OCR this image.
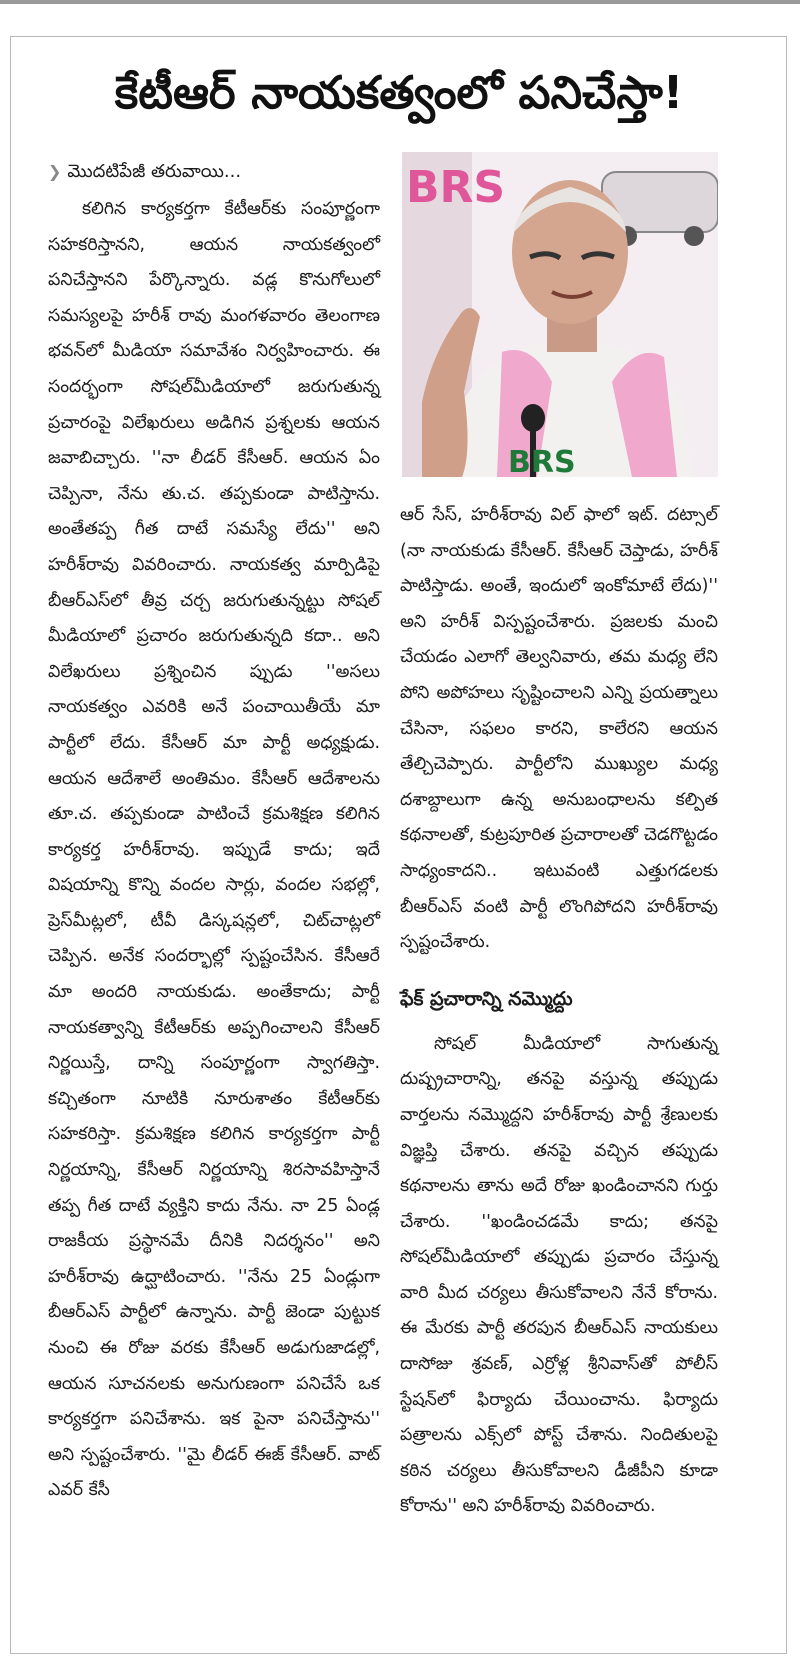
కేటీఆర్ నాయకత్వంలో పనిచేస్తా!
❯ మొదటిపేజీ తరువాయి...

కలిగిన కార్యకర్తగా కేటీఆర్‌కు సంపూర్ణంగా సహకరిస్తానని, ఆయన నాయకత్వంలో పనిచేస్తానని పేర్కొన్నారు. వడ్ల కొనుగోలులో సమస్యలపై హరీశ్ రావు మంగళవారం తెలంగాణ భవన్‌లో మీడియా సమావేశం నిర్వహించారు. ఈ సందర్భంగా సోషల్‌మీడియాలో జరుగుతున్న ప్రచారంపై విలేఖరులు అడిగిన ప్రశ్నలకు ఆయన జవాబిచ్చారు. ''నా లీడర్ కేసీఆర్. ఆయన ఏం చెప్పినా, నేను తు.చ. తప్పకుండా పాటిస్తాను. అంతేతప్ప గీత దాటే సమస్యే లేదు'' అని హరీశ్‌రావు వివరించారు. నాయకత్వ మార్పిడిపై బీఆర్ఎస్‌లో తీవ్ర చర్చ జరుగుతున్నట్టు సోషల్ మీడియాలో ప్రచారం జరుగుతున్నది కదా.. అని విలేఖరులు ప్రశ్నించిన ప్పుడు ''అసలు నాయకత్వం ఎవరికి అనే పంచాయితీయే మా పార్టీలో లేదు. కేసీఆర్ మా పార్టీ అధ్యక్షుడు. ఆయన ఆదేశాలే అంతిమం. కేసీఆర్ ఆదేశాలను తూ.చ. తప్పకుండా పాటించే క్రమశిక్షణ కలిగిన కార్యకర్త హరీశ్‌రావు. ఇప్పుడే కాదు; ఇదే విషయాన్ని కొన్ని వందల సార్లు, వందల సభల్లో, ప్రెస్‌మీట్లలో, టీవీ డిస్కషన్లలో, చిట్‌చాట్లలో చెప్పిన. అనేక సందర్భాల్లో స్పష్టంచేసిన. కేసీఆరే మా అందరి నాయకుడు. అంతేకాదు; పార్టీ నాయకత్వాన్ని కేటీఆర్‌కు అప్పగించాలని కేసీఆర్ నిర్ణయిస్తే, దాన్ని సంపూర్ణంగా స్వాగతిస్తా. కచ్చితంగా నూటికి నూరుశాతం కేటీఆర్‌కు సహకరిస్తా. క్రమశిక్షణ కలిగిన కార్యకర్తగా పార్టీ నిర్ణయాన్ని, కేసీఆర్ నిర్ణయాన్ని శిరసావహిస్తానే తప్ప గీత దాటే వ్యక్తిని కాదు నేను. నా 25 ఏండ్ల రాజకీయ ప్రస్థానమే దీనికి నిదర్శనం'' అని హరీశ్‌రావు ఉద్ఘాటించారు. ''నేను 25 ఏండ్లుగా బీఆర్ఎస్ పార్టీలో ఉన్నాను. పార్టీ జెండా పుట్టుక నుంచి ఈ రోజు వరకు కేసీఆర్ అడుగుజాడల్లో, ఆయన సూచనలకు అనుగుణంగా పనిచేసే ఒక కార్యకర్తగా పనిచేశాను. ఇక పైనా పనిచేస్తాను'' అని స్పష్టంచేశారు. ''మై లీడర్ ఈజ్ కేసీఆర్. వాట్ ఎవర్ కేసీ

BRS
BRS

ఆర్ సేస్, హరీశ్‌రావు విల్ ఫాలో ఇట్. దట్సాల్ (నా నాయకుడు కేసీఆర్. కేసీఆర్ చెప్తాడు, హరీశ్ పాటిస్తాడు. అంతే, ఇందులో ఇంకోమాటే లేదు)'' అని హరీశ్ విస్పష్టంచేశారు. ప్రజలకు మంచి చేయడం ఎలాగో తెల్వనివారు, తమ మధ్య లేని పోని అపోహలు సృష్టించాలని ఎన్ని ప్రయత్నాలు చేసినా, సఫలం కారని, కాలేరని ఆయన తేల్చిచెప్పారు. పార్టీలోని ముఖ్యుల మధ్య దశాబ్దాలుగా ఉన్న అనుబంధాలను కల్పిత కథనాలతో, కుట్రపూరిత ప్రచారాలతో చెడగొట్టడం సాధ్యంకాదని.. ఇటువంటి ఎత్తుగడలకు బీఆర్ఎస్ వంటి పార్టీ లొంగిపోదని హరీశ్‌రావు స్పష్టంచేశారు.

ఫేక్ ప్రచారాన్ని నమ్మొద్దు

సోషల్ మీడియాలో సాగుతున్న దుష్ప్రచారాన్ని, తనపై వస్తున్న తప్పుడు వార్తలను నమ్మొద్దని హరీశ్‌రావు పార్టీ శ్రేణులకు విజ్ఞప్తి చేశారు. తనపై వచ్చిన తప్పుడు కథనాలను తాను అదే రోజు ఖండించానని గుర్తు చేశారు. ''ఖండించడమే కాదు; తనపై సోషల్‌మీడియాలో తప్పుడు ప్రచారం చేస్తున్న వారి మీద చర్యలు తీసుకోవాలని నేనే కోరాను. ఈ మేరకు పార్టీ తరపున బీఆర్ఎస్ నాయకులు దాసోజు శ్రవణ్, ఎర్రోళ్ల శ్రీనివాస్‌తో పోలీస్ స్టేషన్‌లో ఫిర్యాదు చేయించాను. ఫిర్యాదు పత్రాలను ఎక్స్‌లో పోస్ట్ చేశాను. నిందితులపై కఠిన చర్యలు తీసుకోవాలని డీజీపీని కూడా కోరాను'' అని హరీశ్‌రావు వివరించారు.
